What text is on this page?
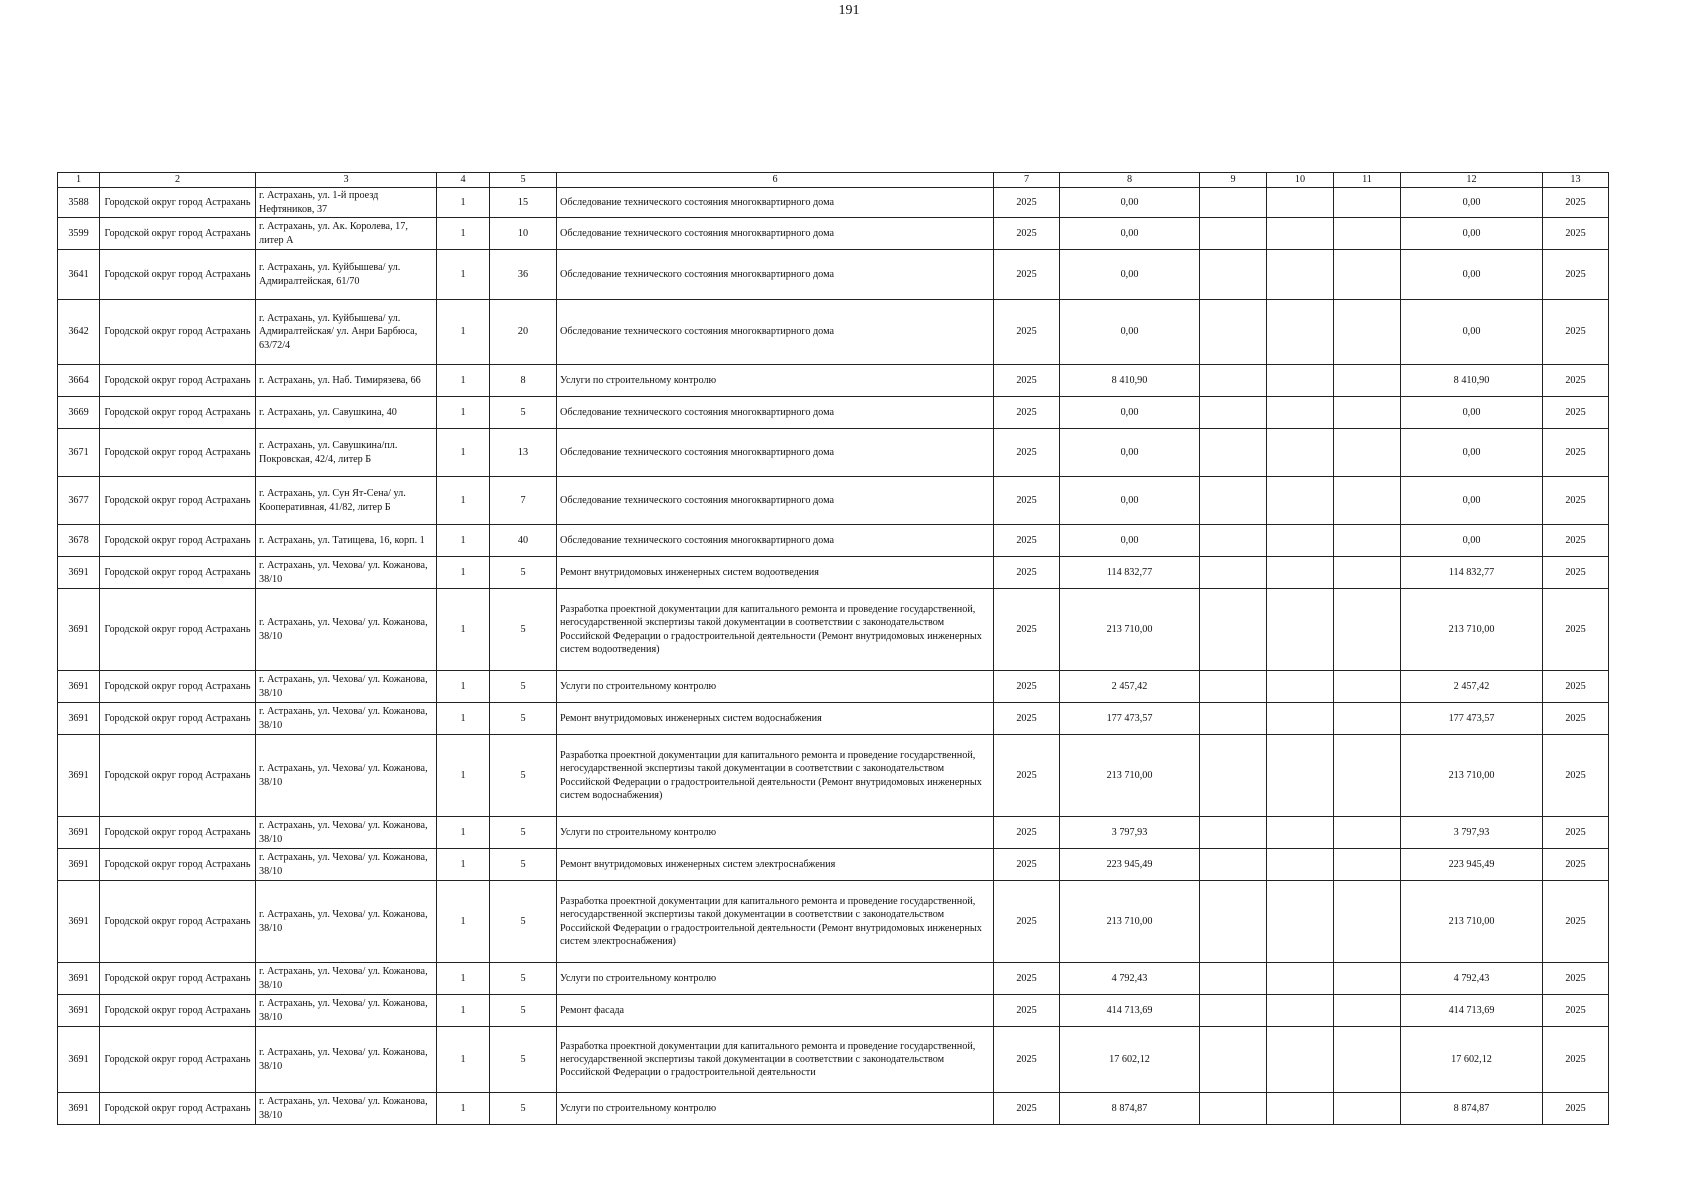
191
1	2	3	4	5	6	7	8	9	10	11	12	13
3588	Городской округ город Астрахань	г. Астрахань, ул. 1-й проезд Нефтяников, 37	1	15	Обследование технического состояния многоквартирного дома	2025	0,00				0,00	2025
3599	Городской округ город Астрахань	г. Астрахань, ул. Ак. Королева, 17, литер А	1	10	Обследование технического состояния многоквартирного дома	2025	0,00				0,00	2025
3641	Городской округ город Астрахань	г. Астрахань, ул. Куйбышева/ ул. Адмиралтейская, 61/70	1	36	Обследование технического состояния многоквартирного дома	2025	0,00				0,00	2025
3642	Городской округ город Астрахань	г. Астрахань, ул. Куйбышева/ ул. Адмиралтейская/ ул. Анри Барбюса, 63/72/4	1	20	Обследование технического состояния многоквартирного дома	2025	0,00				0,00	2025
3664	Городской округ город Астрахань	г. Астрахань, ул. Наб. Тимирязева, 66	1	8	Услуги по строительному контролю	2025	8 410,90				8 410,90	2025
3669	Городской округ город Астрахань	г. Астрахань, ул. Савушкина, 40	1	5	Обследование технического состояния многоквартирного дома	2025	0,00				0,00	2025
3671	Городской округ город Астрахань	г. Астрахань, ул. Савушкина/пл. Покровская, 42/4, литер Б	1	13	Обследование технического состояния многоквартирного дома	2025	0,00				0,00	2025
3677	Городской округ город Астрахань	г. Астрахань, ул. Сун Ят-Сена/ ул. Кооперативная, 41/82, литер Б	1	7	Обследование технического состояния многоквартирного дома	2025	0,00				0,00	2025
3678	Городской округ город Астрахань	г. Астрахань, ул. Татищева, 16, корп. 1	1	40	Обследование технического состояния многоквартирного дома	2025	0,00				0,00	2025
3691	Городской округ город Астрахань	г. Астрахань, ул. Чехова/ ул. Кожанова, 38/10	1	5	Ремонт внутридомовых инженерных систем водоотведения	2025	114 832,77				114 832,77	2025
3691	Городской округ город Астрахань	г. Астрахань, ул. Чехова/ ул. Кожанова, 38/10	1	5	Разработка проектной документации для капитального ремонта и проведение государственной, негосударственной экспертизы такой документации в соответствии с законодательством Российской Федерации о градостроительной деятельности (Ремонт внутридомовых инженерных систем водоотведения)	2025	213 710,00				213 710,00	2025
3691	Городской округ город Астрахань	г. Астрахань, ул. Чехова/ ул. Кожанова, 38/10	1	5	Услуги по строительному контролю	2025	2 457,42				2 457,42	2025
3691	Городской округ город Астрахань	г. Астрахань, ул. Чехова/ ул. Кожанова, 38/10	1	5	Ремонт внутридомовых инженерных систем водоснабжения	2025	177 473,57				177 473,57	2025
3691	Городской округ город Астрахань	г. Астрахань, ул. Чехова/ ул. Кожанова, 38/10	1	5	Разработка проектной документации для капитального ремонта и проведение государственной, негосударственной экспертизы такой документации в соответствии с законодательством Российской Федерации о градостроительной деятельности (Ремонт внутридомовых инженерных систем водоснабжения)	2025	213 710,00				213 710,00	2025
3691	Городской округ город Астрахань	г. Астрахань, ул. Чехова/ ул. Кожанова, 38/10	1	5	Услуги по строительному контролю	2025	3 797,93				3 797,93	2025
3691	Городской округ город Астрахань	г. Астрахань, ул. Чехова/ ул. Кожанова, 38/10	1	5	Ремонт внутридомовых инженерных систем электроснабжения	2025	223 945,49				223 945,49	2025
3691	Городской округ город Астрахань	г. Астрахань, ул. Чехова/ ул. Кожанова, 38/10	1	5	Разработка проектной документации для капитального ремонта и проведение государственной, негосударственной экспертизы такой документации в соответствии с законодательством Российской Федерации о градостроительной деятельности (Ремонт внутридомовых инженерных систем электроснабжения)	2025	213 710,00				213 710,00	2025
3691	Городской округ город Астрахань	г. Астрахань, ул. Чехова/ ул. Кожанова, 38/10	1	5	Услуги по строительному контролю	2025	4 792,43				4 792,43	2025
3691	Городской округ город Астрахань	г. Астрахань, ул. Чехова/ ул. Кожанова, 38/10	1	5	Ремонт фасада	2025	414 713,69				414 713,69	2025
3691	Городской округ город Астрахань	г. Астрахань, ул. Чехова/ ул. Кожанова, 38/10	1	5	Разработка проектной документации для капитального ремонта и проведение государственной, негосударственной экспертизы такой документации в соответствии с законодательством Российской Федерации о градостроительной деятельности	2025	17 602,12				17 602,12	2025
3691	Городской округ город Астрахань	г. Астрахань, ул. Чехова/ ул. Кожанова, 38/10	1	5	Услуги по строительному контролю	2025	8 874,87				8 874,87	2025
